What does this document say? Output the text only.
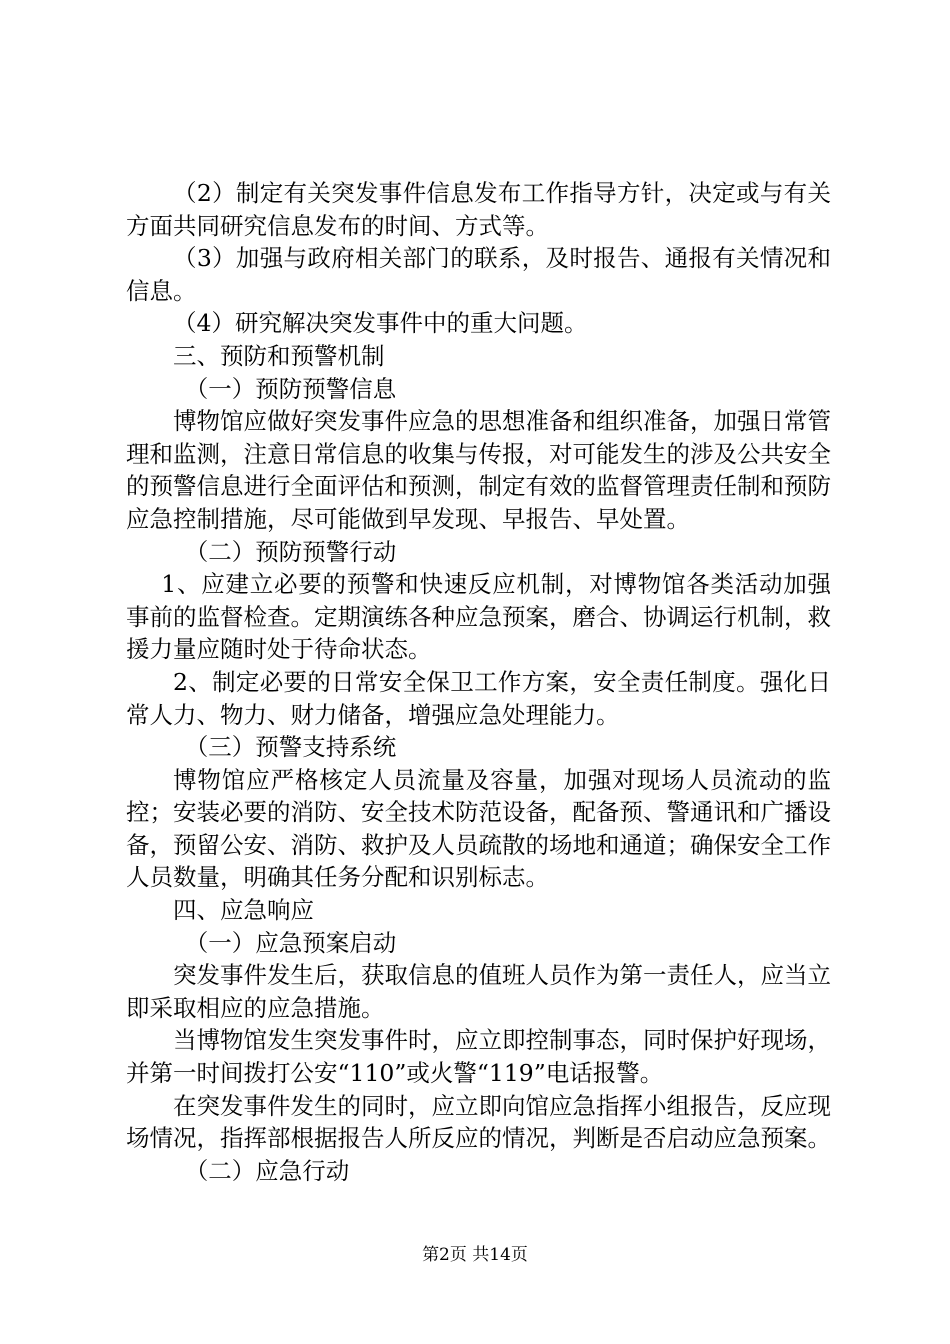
（2）制定有关突发事件信息发布工作指导方针，决定或与有关方面共同研究信息发布的时间、方式等。

（3）加强与政府相关部门的联系，及时报告、通报有关情况和信息。

（4）研究解决突发事件中的重大问题。

三、预防和预警机制

（一）预防预警信息

博物馆应做好突发事件应急的思想准备和组织准备，加强日常管理和监测，注意日常信息的收集与传报，对可能发生的涉及公共安全的预警信息进行全面评估和预测，制定有效的监督管理责任制和预防应急控制措施，尽可能做到早发现、早报告、早处置。

（二）预防预警行动

1、应建立必要的预警和快速反应机制，对博物馆各类活动加强事前的监督检查。定期演练各种应急预案，磨合、协调运行机制，救援力量应随时处于待命状态。

2、制定必要的日常安全保卫工作方案，安全责任制度。强化日常人力、物力、财力储备，增强应急处理能力。

（三）预警支持系统

博物馆应严格核定人员流量及容量，加强对现场人员流动的监控；安装必要的消防、安全技术防范设备，配备预、警通讯和广播设备，预留公安、消防、救护及人员疏散的场地和通道；确保安全工作人员数量，明确其任务分配和识别标志。

四、应急响应

（一）应急预案启动

突发事件发生后，获取信息的值班人员作为第一责任人，应当立即采取相应的应急措施。

当博物馆发生突发事件时，应立即控制事态，同时保护好现场，并第一时间拨打公安“110”或火警“119”电话报警。

在突发事件发生的同时，应立即向馆应急指挥小组报告，反应现场情况，指挥部根据报告人所反应的情况，判断是否启动应急预案。

（二）应急行动

第2页 共14页
